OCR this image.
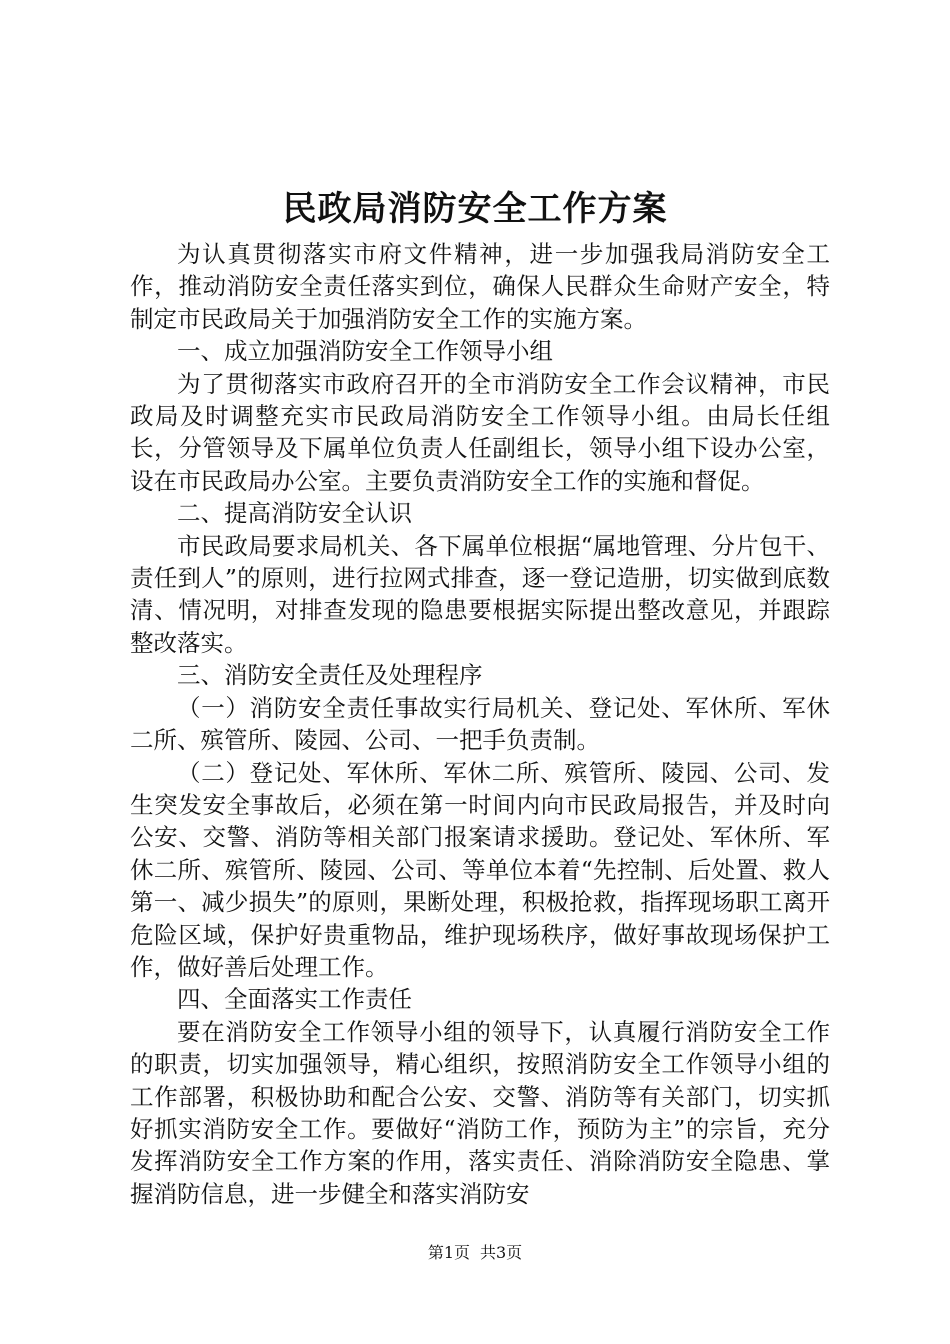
民政局消防安全工作方案

为认真贯彻落实市府文件精神，进一步加强我局消防安全工作，推动消防安全责任落实到位，确保人民群众生命财产安全，特制定市民政局关于加强消防安全工作的实施方案。

一、成立加强消防安全工作领导小组

为了贯彻落实市政府召开的全市消防安全工作会议精神，市民政局及时调整充实市民政局消防安全工作领导小组。由局长任组长，分管领导及下属单位负责人任副组长，领导小组下设办公室，设在市民政局办公室。主要负责消防安全工作的实施和督促。

二、提高消防安全认识

市民政局要求局机关、各下属单位根据“属地管理、分片包干、责任到人”的原则，进行拉网式排查，逐一登记造册，切实做到底数清、情况明，对排查发现的隐患要根据实际提出整改意见，并跟踪整改落实。

三、消防安全责任及处理程序

（一）消防安全责任事故实行局机关、登记处、军休所、军休二所、殡管所、陵园、公司、一把手负责制。

（二）登记处、军休所、军休二所、殡管所、陵园、公司、发生突发安全事故后，必须在第一时间内向市民政局报告，并及时向公安、交警、消防等相关部门报案请求援助。登记处、军休所、军休二所、殡管所、陵园、公司、等单位本着“先控制、后处置、救人第一、减少损失”的原则，果断处理，积极抢救，指挥现场职工离开危险区域，保护好贵重物品，维护现场秩序，做好事故现场保护工作，做好善后处理工作。

四、全面落实工作责任

要在消防安全工作领导小组的领导下，认真履行消防安全工作的职责，切实加强领导，精心组织，按照消防安全工作领导小组的工作部署，积极协助和配合公安、交警、消防等有关部门，切实抓好抓实消防安全工作。要做好“消防工作，预防为主”的宗旨，充分发挥消防安全工作方案的作用，落实责任、消除消防安全隐患、掌握消防信息，进一步健全和落实消防安

第1页 共3页
